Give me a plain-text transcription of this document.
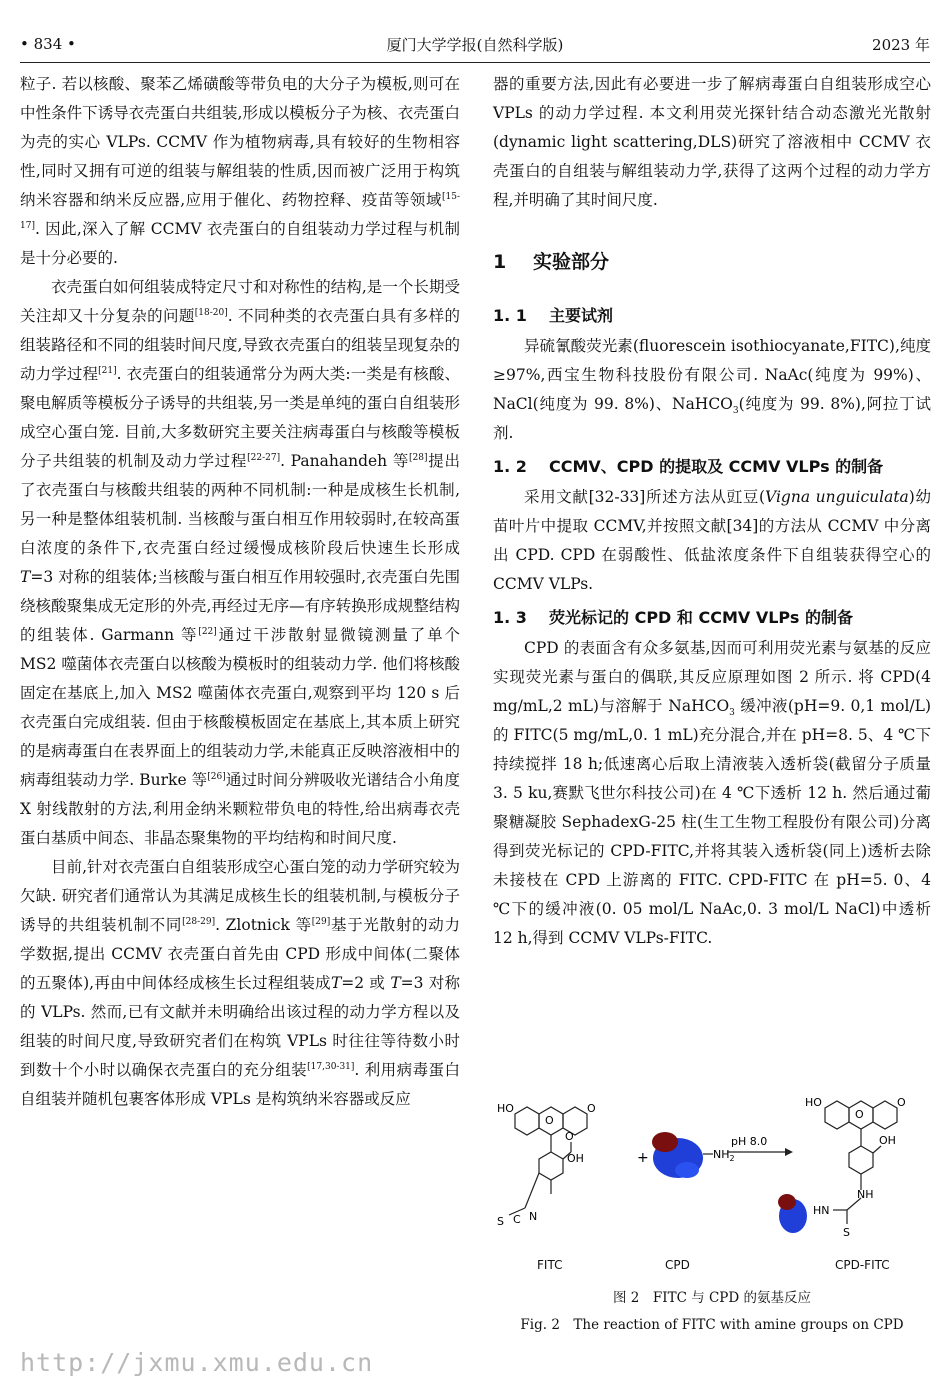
• 834 •	厦门大学学报(自然科学版)	2023 年

粒子. 若以核酸、聚苯乙烯磺酸等带负电的大分子为模板,则可在中性条件下诱导衣壳蛋白共组装,形成以模板分子为核、衣壳蛋白为壳的实心 VLPs. CCMV 作为植物病毒,具有较好的生物相容性,同时又拥有可逆的组装与解组装的性质,因而被广泛用于构筑纳米容器和纳米反应器,应用于催化、药物控释、疫苗等领域[15-17]. 因此,深入了解 CCMV 衣壳蛋白的自组装动力学过程与机制是十分必要的.

衣壳蛋白如何组装成特定尺寸和对称性的结构,是一个长期受关注却又十分复杂的问题[18-20]. 不同种类的衣壳蛋白具有多样的组装路径和不同的组装时间尺度,导致衣壳蛋白的组装呈现复杂的动力学过程[21]. 衣壳蛋白的组装通常分为两大类:一类是有核酸、聚电解质等模板分子诱导的共组装,另一类是单纯的蛋白自组装形成空心蛋白笼. 目前,大多数研究主要关注病毒蛋白与核酸等模板分子共组装的机制及动力学过程[22-27]. Panahandeh 等[28]提出了衣壳蛋白与核酸共组装的两种不同机制:一种是成核生长机制,另一种是整体组装机制. 当核酸与蛋白相互作用较弱时,在较高蛋白浓度的条件下,衣壳蛋白经过缓慢成核阶段后快速生长形成 T=3 对称的组装体;当核酸与蛋白相互作用较强时,衣壳蛋白先围绕核酸聚集成无定形的外壳,再经过无序—有序转换形成规整结构的组装体. Garmann 等[22]通过干涉散射显微镜测量了单个 MS2 噬菌体衣壳蛋白以核酸为模板时的组装动力学. 他们将核酸固定在基底上,加入 MS2 噬菌体衣壳蛋白,观察到平均 120 s 后衣壳蛋白完成组装. 但由于核酸模板固定在基底上,其本质上研究的是病毒蛋白在表界面上的组装动力学,未能真正反映溶液相中的病毒组装动力学. Burke 等[26]通过时间分辨吸收光谱结合小角度 X 射线散射的方法,利用金纳米颗粒带负电的特性,给出病毒衣壳蛋白基质中间态、非晶态聚集物的平均结构和时间尺度.

目前,针对衣壳蛋白自组装形成空心蛋白笼的动力学研究较为欠缺. 研究者们通常认为其满足成核生长的组装机制,与模板分子诱导的共组装机制不同[28-29]. Zlotnick 等[29]基于光散射的动力学数据,提出 CCMV 衣壳蛋白首先由 CPD 形成中间体(二聚体的五聚体),再由中间体经成核生长过程组装成T=2 或 T=3 对称的 VLPs. 然而,已有文献并未明确给出该过程的动力学方程以及组装的时间尺度,导致研究者们在构筑 VPLs 时往往等待数小时到数十个小时以确保衣壳蛋白的充分组装[17,30-31]. 利用病毒蛋白自组装并随机包裹客体形成 VPLs 是构筑纳米容器或反应

器的重要方法,因此有必要进一步了解病毒蛋白自组装形成空心 VPLs 的动力学过程. 本文利用荧光探针结合动态激光光散射(dynamic light scattering,DLS)研究了溶液相中 CCMV 衣壳蛋白的自组装与解组装动力学,获得了这两个过程的动力学方程,并明确了其时间尺度.

1 实验部分
1. 1	主要试剂

异硫氰酸荧光素(fluorescein isothiocyanate,FITC),纯度≥97%,西宝生物科技股份有限公司. NaAc(纯度为 99%)、NaCl(纯度为 99. 8%)、NaHCO$_3$(纯度为 99. 8%),阿拉丁试剂.

1. 2	CCMV、CPD 的提取及 CCMV VLPs 的制备

采用文献[32-33]所述方法从豇豆(Vigna unguiculata)幼苗叶片中提取 CCMV,并按照文献[34]的方法从 CCMV 中分离出 CPD. CPD 在弱酸性、低盐浓度条件下自组装获得空心的 CCMV VLPs.

1. 3	荧光标记的 CPD 和 CCMV VLPs 的制备

CPD 的表面含有众多氨基,因而可利用荧光素与氨基的反应实现荧光素与蛋白的偶联,其反应原理如图 2 所示. 将 CPD(4 mg/mL,2 mL)与溶解于 NaHCO$_3$ 缓冲液(pH=9. 0,1 mol/L)的 FITC(5 mg/mL,0. 1 mL)充分混合,并在 pH=8. 5、4 ℃下持续搅拌 18 h;低速离心后取上清液装入透析袋(截留分子质量 3. 5 ku,赛默飞世尔科技公司)在 4 ℃下透析 12 h. 然后通过葡聚糖凝胶 SephadexG-25 柱(生工生物工程股份有限公司)分离得到荧光标记的 CPD-FITC,并将其装入透析袋(同上)透析去除未接枝在 CPD 上游离的 FITC. CPD-FITC 在 pH=5. 0、4 ℃下的缓冲液(0. 05 mol/L NaAc,0. 3 mol/L NaCl)中透析 12 h,得到 CCMV VLPs-FITC.

HO	O
O
O
OH
S C N
+	$NH_2$
pH 8.0
HO	O
O
OH
NH
HN
S
FITC	CPD	CPD-FITC
图 2　FITC 与 CPD 的氨基反应
Fig. 2　The reaction of FITC with amine groups on CPD
http://jxmu.xmu.edu.cn
